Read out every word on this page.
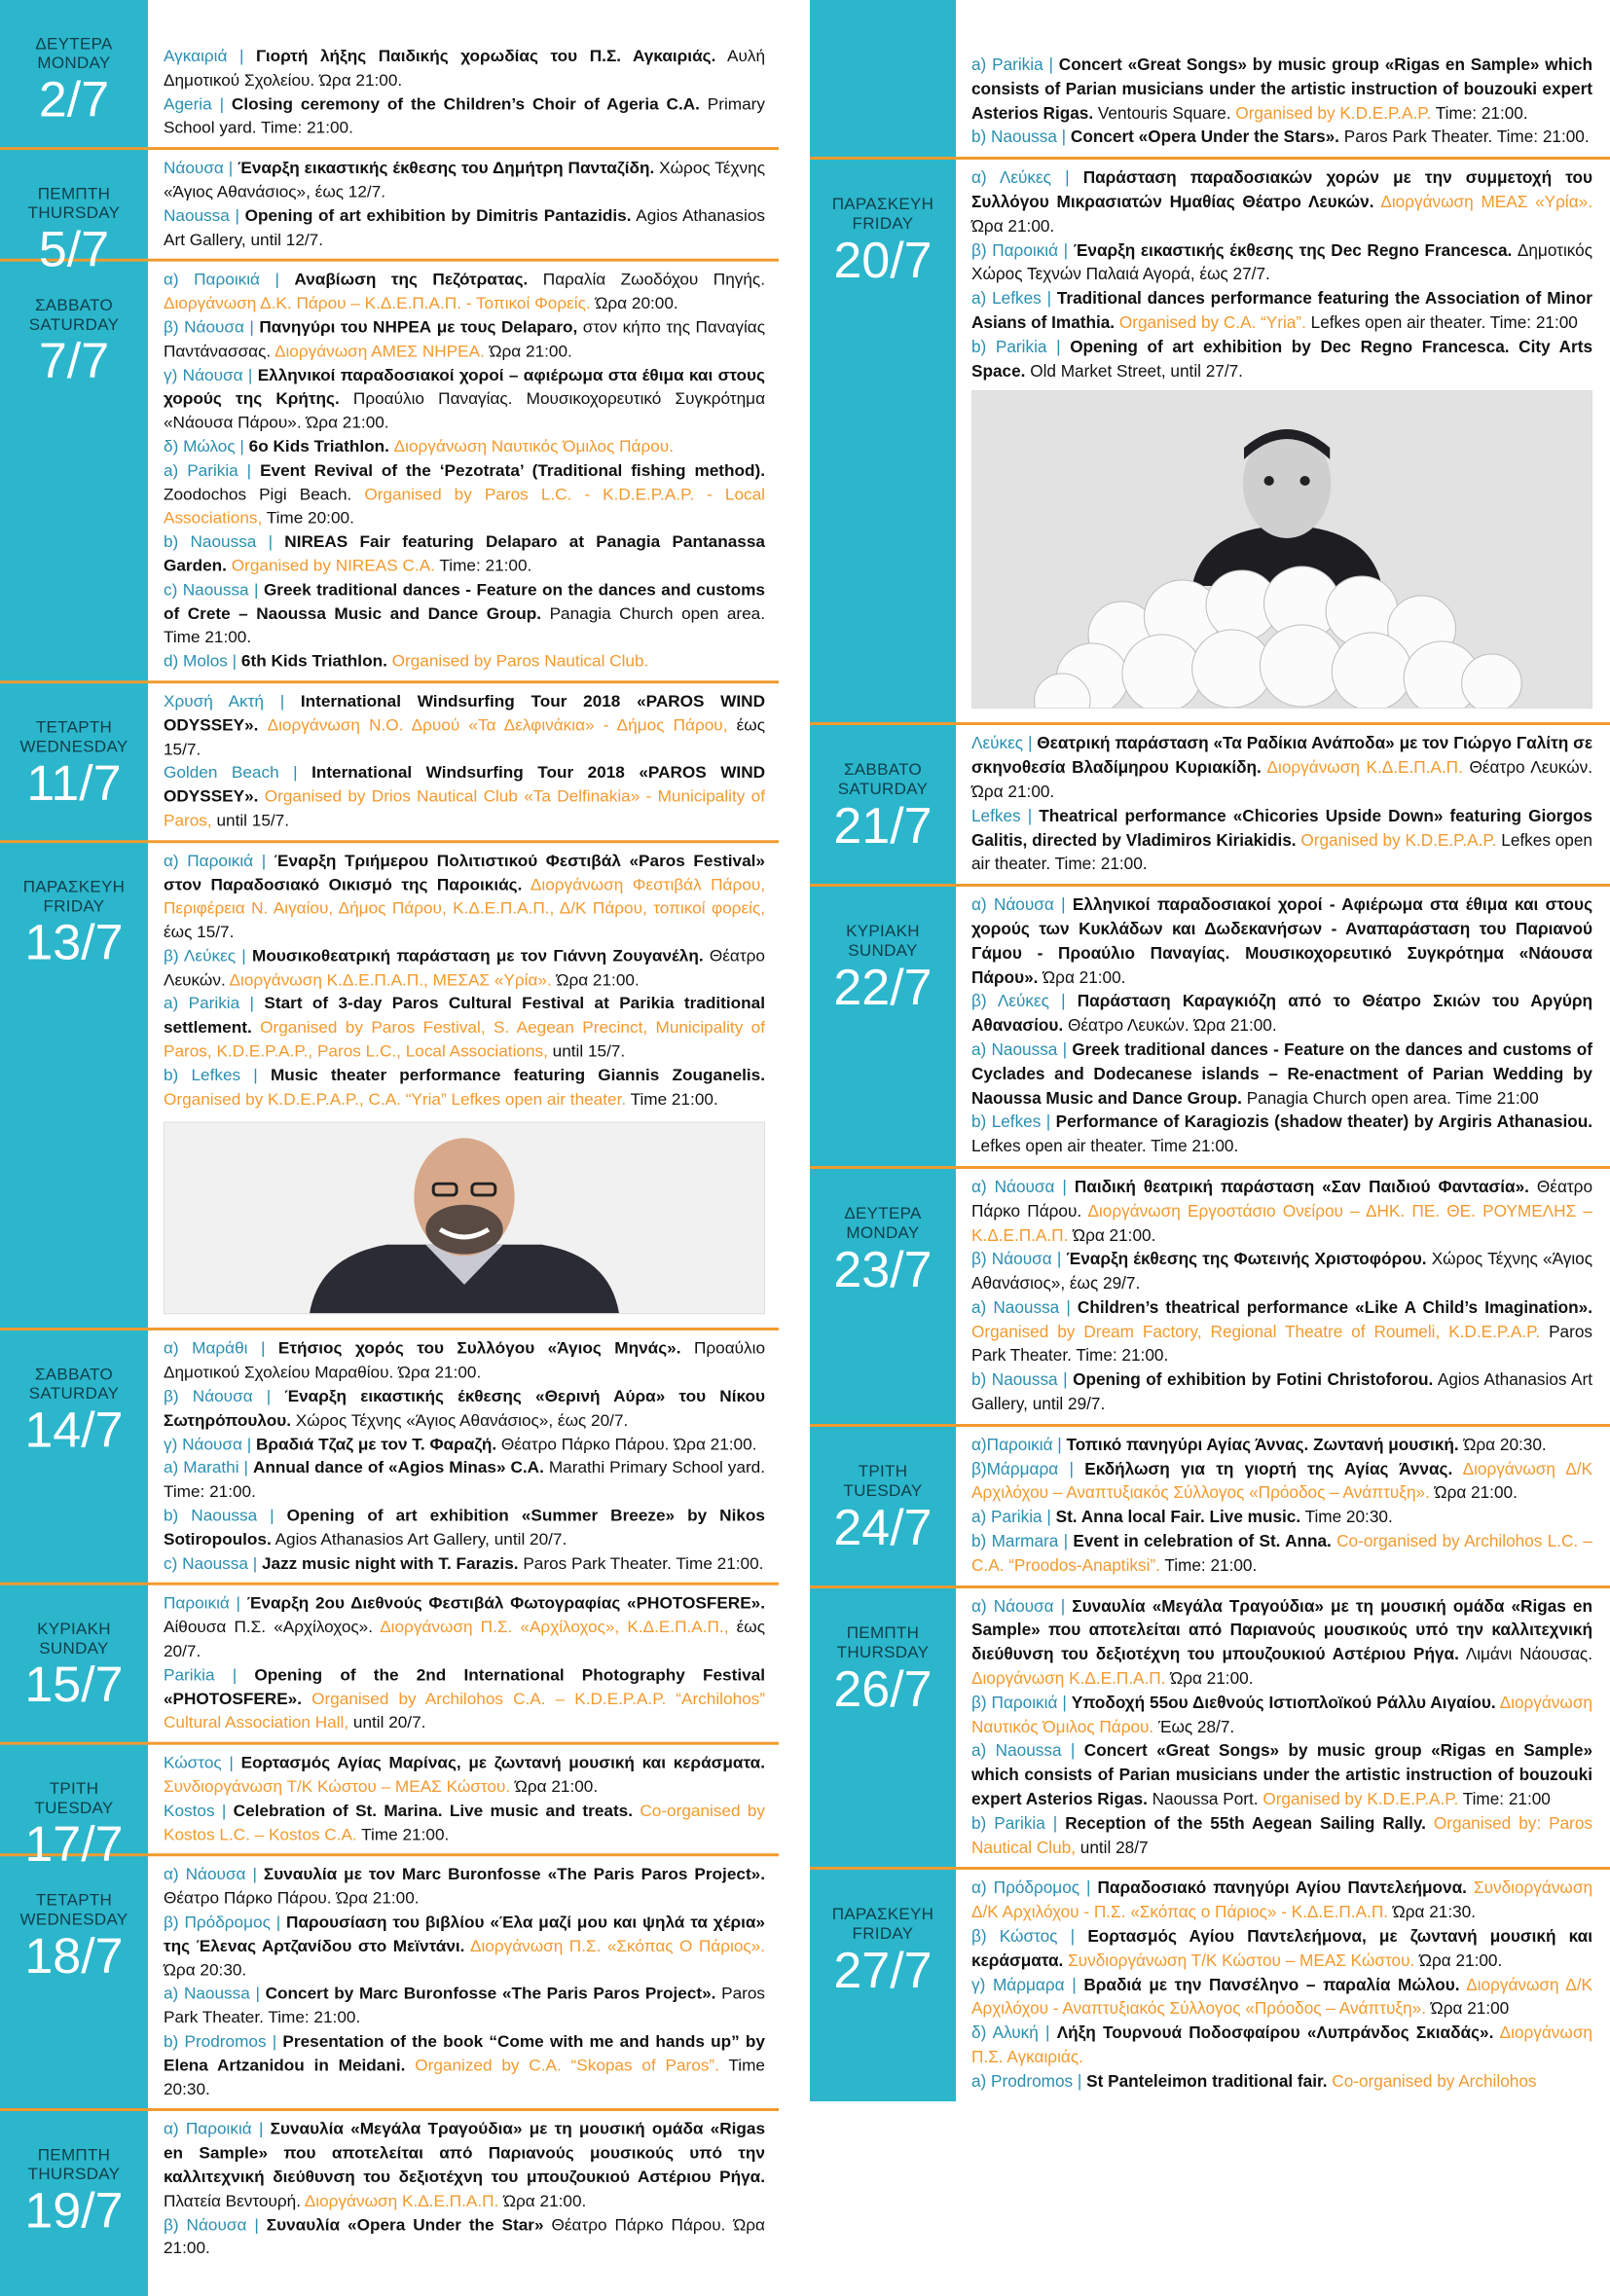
ΔΕΥΤΕΡΑ
MONDAY
2/7
Αγκαιριά | Γιορτή λήξης Παιδικής χορωδίας του Π.Σ. Αγκαιριάς. Αυλή Δημοτικού Σχολείου. Ώρα 21:00.
Ageria | Closing ceremony of the Children’s Choir of Ageria C.A. Primary School yard. Time: 21:00.
ΠΕΜΠΤΗ
THURSDAY
5/7
Νάουσα | Έναρξη εικαστικής έκθεσης του Δημήτρη Πανταζίδη. Χώρος Τέχνης «Άγιος Αθανάσιος», έως 12/7.
Naoussa | Opening of art exhibition by Dimitris Pantazidis. Agios Athanasios Art Gallery, until 12/7.
ΣΑΒΒΑΤΟ
SATURDAY
7/7
α) Παροικιά | Αναβίωση της Πεζότρατας. Παραλία Ζωοδόχου Πηγής. Διοργάνωση Δ.Κ. Πάρου – Κ.Δ.Ε.Π.Α.Π. - Τοπικοί Φορείς. Ώρα 20:00.
β) Νάουσα | Πανηγύρι του ΝΗΡΕΑ με τους Delaparo, στον κήπο της Παναγίας Παντάνασσας. Διοργάνωση ΑΜΕΣ ΝΗΡΕΑ. Ώρα 21:00.
γ) Νάουσα | Ελληνικοί παραδοσιακοί χοροί – αφιέρωμα στα έθιμα και στους χορούς της Κρήτης. Προαύλιο Παναγίας. Μουσικοχορευτικό Συγκρότημα «Νάουσα Πάρου». Ώρα 21:00.
δ) Μώλος | 6ο Kids Triathlon. Διοργάνωση Ναυτικός Όμιλος Πάρου.
a) Parikia | Event Revival of the ‘Pezotrata’ (Traditional fishing method). Zoodochos Pigi Beach. Organised by Paros L.C. - K.D.E.P.A.P. - Local Associations, Time 20:00.
b) Naoussa | NIREAS Fair featuring Delaparo at Panagia Pantanassa Garden. Organised by NIREAS C.A. Time: 21:00.
c) Naoussa | Greek traditional dances - Feature on the dances and customs of Crete – Naoussa Music and Dance Group. Panagia Church open area. Time 21:00.
d) Molos | 6th Kids Triathlon. Organised by Paros Nautical Club.
ΤΕΤΑΡΤΗ
WEDNESDAY
11/7
Χρυσή Ακτή | International Windsurfing Tour 2018 «PAROS WIND ODYSSEY». Διοργάνωση Ν.Ο. Δρυού «Τα Δελφινάκια» - Δήμος Πάρου, έως 15/7.
Golden Beach | International Windsurfing Tour 2018 «PAROS WIND ODYSSEY». Organised by Drios Nautical Club «Ta Delfinakia» - Municipality of Paros, until 15/7.
ΠΑΡΑΣΚΕΥΗ
FRIDAY
13/7
α) Παροικιά | Έναρξη Τριήμερου Πολιτιστικού Φεστιβάλ «Paros Festival» στον Παραδοσιακό Οικισμό της Παροικιάς. Διοργάνωση Φεστιβάλ Πάρου, Περιφέρεια Ν. Αιγαίου, Δήμος Πάρου, Κ.Δ.Ε.Π.Α.Π., Δ/Κ Πάρου, τοπικοί φορείς, έως 15/7.
β) Λεύκες | Μουσικοθεατρική παράσταση με τον Γιάννη Ζουγανέλη. Θέατρο Λευκών. Διοργάνωση Κ.Δ.Ε.Π.Α.Π., ΜΕΣΑΣ «Υρία». Ώρα 21:00.
a) Parikia | Start of 3-day Paros Cultural Festival at Parikia traditional settlement. Organised by Paros Festival, S. Aegean Precinct, Municipality of Paros, K.D.E.P.A.P., Paros L.C., Local Associations, until 15/7.
b) Lefkes | Music theater performance featuring Giannis Zouganelis. Organised by K.D.E.P.A.P., C.A. “Yria” Lefkes open air theater. Time 21:00.
ΣΑΒΒΑΤΟ
SATURDAY
14/7
α) Μαράθι | Ετήσιος χορός του Συλλόγου «Άγιος Μηνάς». Προαύλιο Δημοτικού Σχολείου Μαραθίου. Ώρα 21:00.
β) Νάουσα | Έναρξη εικαστικής έκθεσης «Θερινή Αύρα» του Νίκου Σωτηρόπουλου. Χώρος Τέχνης «Άγιος Αθανάσιος», έως 20/7.
γ) Νάουσα | Βραδιά Τζαζ με τον Τ. Φαραζή. Θέατρο Πάρκο Πάρου. Ώρα 21:00.
a) Marathi | Annual dance of «Agios Minas» C.A. Marathi Primary School yard. Time: 21:00.
b) Naoussa | Opening of art exhibition «Summer Breeze» by Nikos Sotiropoulos. Agios Athanasios Art Gallery, until 20/7.
c) Naoussa | Jazz music night with T. Farazis. Paros Park Theater. Time 21:00.
ΚΥΡΙΑΚΗ
SUNDAY
15/7
Παροικιά | Έναρξη 2ου Διεθνούς Φεστιβάλ Φωτογραφίας «PHOTOSFERE». Αίθουσα Π.Σ. «Αρχίλοχος». Διοργάνωση Π.Σ. «Αρχίλοχος», Κ.Δ.Ε.Π.Α.Π., έως 20/7.
Parikia | Opening of the 2nd International Photography Festival «PHOTOSFERE». Organised by Archilohos C.A. – K.D.E.P.A.P. “Archilohos” Cultural Association Hall, until 20/7.
ΤΡΙΤΗ
TUESDAY
17/7
Κώστος | Εορτασμός Αγίας Μαρίνας, με ζωντανή μουσική και κεράσματα. Συνδιοργάνωση Τ/Κ Κώστου – ΜΕΑΣ Κώστου. Ώρα 21:00.
Kostos | Celebration of St. Marina. Live music and treats. Co-organised by Kostos L.C. – Kostos C.A. Time 21:00.
ΤΕΤΑΡΤΗ
WEDNESDAY
18/7
α) Νάουσα | Συναυλία με τον Marc Buronfosse «The Paris Paros Project». Θέατρο Πάρκο Πάρου. Ώρα 21:00.
β) Πρόδρομος | Παρουσίαση του βιβλίου «Έλα μαζί μου και ψηλά τα χέρια» της Έλενας Αρτζανίδου στο Μεϊντάνι. Διοργάνωση Π.Σ. «Σκόπας Ο Πάριος». Ώρα 20:30.
a) Naoussa | Concert by Marc Buronfosse «The Paris Paros Project». Paros Park Theater. Time: 21:00.
b) Prodromos | Presentation of the book “Come with me and hands up” by Elena Artzanidou in Meidani. Organized by C.A. “Skopas of Paros”. Time 20:30.
ΠΕΜΠΤΗ
THURSDAY
19/7
α) Παροικιά | Συναυλία «Μεγάλα Τραγούδια» με τη μουσική ομάδα «Rigas en Sample» που αποτελείται από Παριανούς μουσικούς υπό την καλλιτεχνική διεύθυνση του δεξιοτέχνη του μπουζουκιού Αστέριου Ρήγα. Πλατεία Βεντουρή. Διοργάνωση Κ.Δ.Ε.Π.Α.Π. Ώρα 21:00.
β) Νάουσα | Συναυλία «Opera Under the Star» Θέατρο Πάρκο Πάρου. Ώρα 21:00.
a) Parikia | Concert «Great Songs» by music group «Rigas en Sample» which consists of Parian musicians under the artistic instruction of bouzouki expert Asterios Rigas. Ventouris Square. Organised by K.D.E.P.A.P. Time: 21:00.
b) Naoussa | Concert «Opera Under the Stars». Paros Park Theater. Time: 21:00.
ΠΑΡΑΣΚΕΥΗ
FRIDAY
20/7
α) Λεύκες | Παράσταση παραδοσιακών χορών με την συμμετοχή του Συλλόγου Μικρασιατών Ημαθίας Θέατρο Λευκών. Διοργάνωση ΜΕΑΣ «Υρία». Ώρα 21:00.
β) Παροικιά | Έναρξη εικαστικής έκθεσης της Dec Regno Francesca. Δημοτικός Χώρος Τεχνών Παλαιά Αγορά, έως 27/7.
a) Lefkes | Traditional dances performance featuring the Association of Minor Asians of Imathia. Organised by C.A. “Yria”. Lefkes open air theater. Time: 21:00
b) Parikia | Opening of art exhibition by Dec Regno Francesca. City Arts Space. Old Market Street, until 27/7.
ΣΑΒΒΑΤΟ
SATURDAY
21/7
Λεύκες | Θεατρική παράσταση «Τα Ραδίκια Ανάποδα» με τον Γιώργο Γαλίτη σε σκηνοθεσία Βλαδίμηρου Κυριακίδη. Διοργάνωση Κ.Δ.Ε.Π.Α.Π. Θέατρο Λευκών. Ώρα 21:00.
Lefkes | Theatrical performance «Chicories Upside Down» featuring Giorgos Galitis, directed by Vladimiros Kiriakidis. Organised by K.D.E.P.A.P. Lefkes open air theater. Time: 21:00.
ΚΥΡΙΑΚΗ
SUNDAY
22/7
α) Νάουσα | Ελληνικοί παραδοσιακοί χοροί - Αφιέρωμα στα έθιμα και στους χορούς των Κυκλάδων και Δωδεκανήσων - Αναπαράσταση του Παριανού Γάμου - Προαύλιο Παναγίας. Μουσικοχορευτικό Συγκρότημα «Νάουσα Πάρου». Ώρα 21:00.
β) Λεύκες | Παράσταση Καραγκιόζη από το Θέατρο Σκιών του Αργύρη Αθανασίου. Θέατρο Λευκών. Ώρα 21:00.
a) Naoussa | Greek traditional dances - Feature on the dances and customs of Cyclades and Dodecanese islands – Re-enactment of Parian Wedding by Naoussa Music and Dance Group. Panagia Church open area. Time 21:00
b) Lefkes | Performance of Karagiozis (shadow theater) by Argiris Athanasiou. Lefkes open air theater. Time 21:00.
ΔΕΥΤΕΡΑ
MONDAY
23/7
α) Νάουσα | Παιδική θεατρική παράσταση «Σαν Παιδιού Φαντασία». Θέατρο Πάρκο Πάρου. Διοργάνωση Εργοστάσιο Ονείρου – ΔΗΚ. ΠΕ. ΘΕ. ΡΟΥΜΕΛΗΣ – Κ.Δ.Ε.Π.Α.Π. Ώρα 21:00.
β) Νάουσα | Έναρξη έκθεσης της Φωτεινής Χριστοφόρου. Χώρος Τέχνης «Άγιος Αθανάσιος», έως 29/7.
a) Naoussa | Children’s theatrical performance «Like A Child’s Imagination». Organised by Dream Factory, Regional Theatre of Roumeli, K.D.E.P.A.P. Paros Park Theater. Time: 21:00.
b) Naoussa | Opening of exhibition by Fotini Christoforou. Agios Athanasios Art Gallery, until 29/7.
ΤΡΙΤΗ
TUESDAY
24/7
α)Παροικιά | Τοπικό πανηγύρι Αγίας Άννας. Ζωντανή μουσική. Ώρα 20:30.
β)Μάρμαρα | Εκδήλωση για τη γιορτή της Αγίας Άννας. Διοργάνωση Δ/Κ Αρχιλόχου – Αναπτυξιακός Σύλλογος «Πρόοδος – Ανάπτυξη». Ώρα 21:00.
a) Parikia | St. Anna local Fair. Live music. Time 20:30.
b) Marmara | Event in celebration of St. Anna. Co-organised by Archilohos L.C. – C.A. “Proodos-Anaptiksi”. Time: 21:00.
ΠΕΜΠΤΗ
THURSDAY
26/7
α) Νάουσα | Συναυλία «Μεγάλα Τραγούδια» με τη μουσική ομάδα «Rigas en Sample» που αποτελείται από Παριανούς μουσικούς υπό την καλλιτεχνική διεύθυνση του δεξιοτέχνη του μπουζουκιού Αστέριου Ρήγα. Λιμάνι Νάουσας. Διοργάνωση Κ.Δ.Ε.Π.Α.Π. Ώρα 21:00.
β) Παροικιά | Υποδοχή 55ου Διεθνούς Ιστιοπλοϊκού Ράλλυ Αιγαίου. Διοργάνωση Ναυτικός Όμιλος Πάρου. Έως 28/7.
a) Naoussa | Concert «Great Songs» by music group «Rigas en Sample» which consists of Parian musicians under the artistic instruction of bouzouki expert Asterios Rigas. Naoussa Port. Organised by K.D.E.P.A.P. Time: 21:00
b) Parikia | Reception of the 55th Aegean Sailing Rally. Organised by: Paros Nautical Club, until 28/7
ΠΑΡΑΣΚΕΥΗ
FRIDAY
27/7
α) Πρόδρομος | Παραδοσιακό πανηγύρι Αγίου Παντελεήμονα. Συνδιοργάνωση Δ/Κ Αρχιλόχου - Π.Σ. «Σκόπας ο Πάριος» - Κ.Δ.Ε.Π.Α.Π. Ώρα 21:30.
β) Κώστος | Εορτασμός Αγίου Παντελεήμονα, με ζωντανή μουσική και κεράσματα. Συνδιοργάνωση Τ/Κ Κώστου – ΜΕΑΣ Κώστου. Ώρα 21:00.
γ) Μάρμαρα | Βραδιά με την Πανσέληνο – παραλία Μώλου. Διοργάνωση Δ/Κ Αρχιλόχου - Αναπτυξιακός Σύλλογος «Πρόοδος – Ανάπτυξη». Ώρα 21:00
δ) Αλυκή | Λήξη Τουρνουά Ποδοσφαίρου «Λυπράνδος Σκιαδάς». Διοργάνωση Π.Σ. Αγκαιριάς.
a) Prodromos | St Panteleimon traditional fair. Co-organised by Archilohos
